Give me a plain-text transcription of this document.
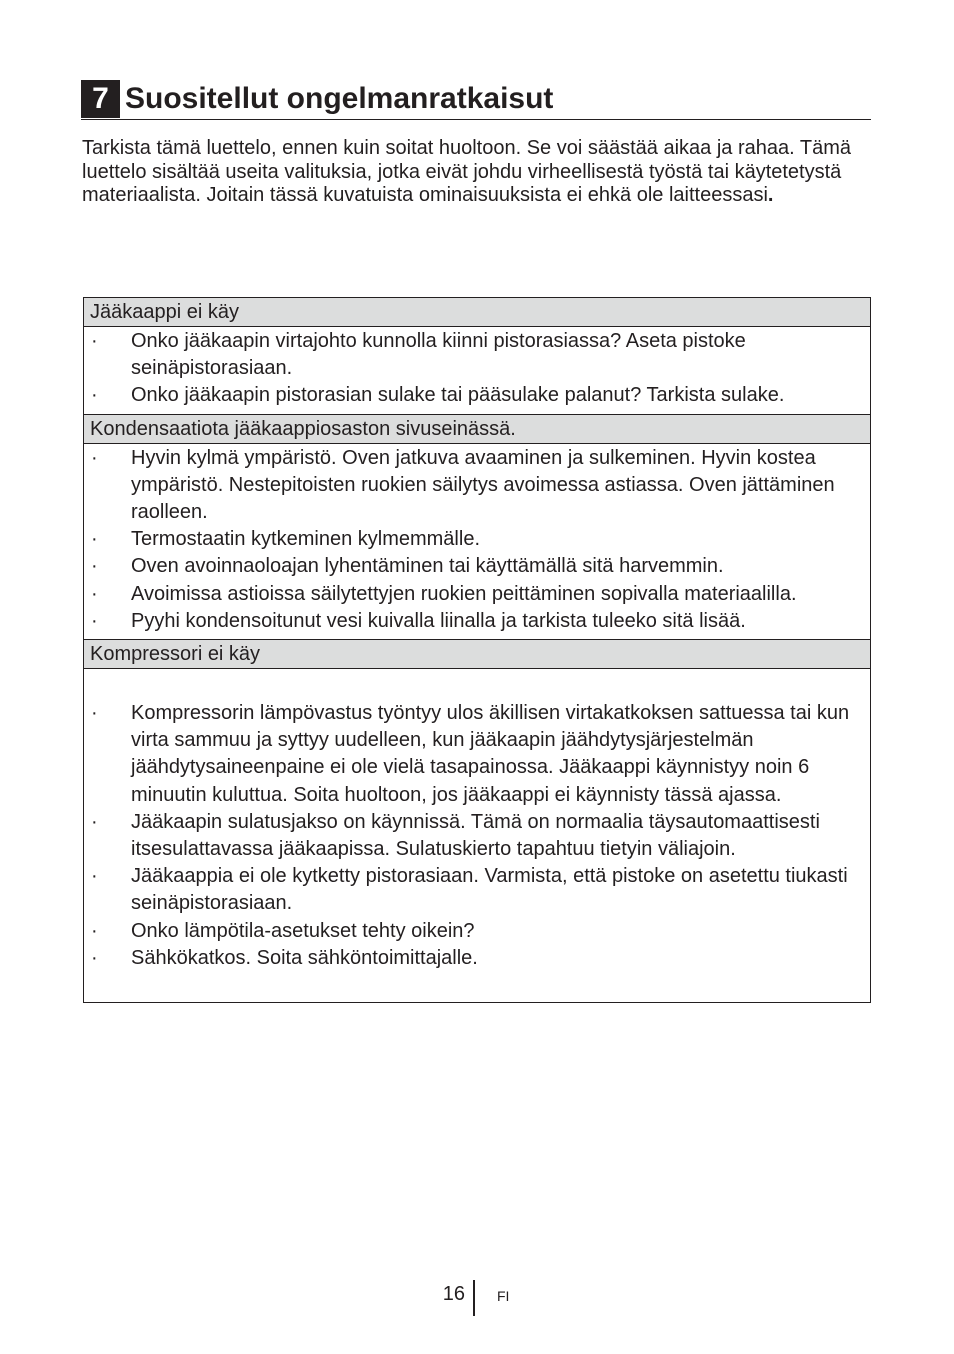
7 Suositellut ongelmanratkaisut

Tarkista tämä luettelo, ennen kuin soitat huoltoon. Se voi säästää aikaa ja rahaa. Tämä luettelo sisältää useita valituksia, jotka eivät johdu virheellisestä työstä tai käytetetystä materiaalista. Joitain tässä kuvatuista ominaisuuksista ei ehkä ole laitteessasi.

Jääkaappi ei käy
· Onko jääkaapin virtajohto kunnolla kiinni pistorasiassa? Aseta pistoke seinäpistorasiaan.
· Onko jääkaapin pistorasian sulake tai pääsulake palanut? Tarkista sulake.
Kondensaatiota jääkaappiosaston sivuseinässä.
· Hyvin kylmä ympäristö. Oven jatkuva avaaminen ja sulkeminen. Hyvin kostea ympäristö. Nestepitoisten ruokien säilytys avoimessa astiassa. Oven jättäminen raolleen.
· Termostaatin kytkeminen kylmemmälle.
· Oven avoinnaoloajan lyhentäminen tai käyttämällä sitä harvemmin.
· Avoimissa astioissa säilytettyjen ruokien peittäminen sopivalla materiaalilla.
· Pyyhi kondensoitunut vesi kuivalla liinalla ja tarkista tuleeko sitä lisää.
Kompressori ei käy
· Kompressorin lämpövastus työntyy ulos äkillisen virtakatkoksen sattuessa tai kun virta sammuu ja syttyy uudelleen, kun jääkaapin jäähdytysjärjestelmän jäähdytysaineenpaine ei ole vielä tasapainossa. Jääkaappi käynnistyy noin 6 minuutin kuluttua. Soita huoltoon, jos jääkaappi ei käynnisty tässä ajassa.
· Jääkaapin sulatusjakso on käynnissä. Tämä on normaalia täysautomaattisesti itsesulattavassa jääkaapissa. Sulatuskierto tapahtuu tietyin väliajoin.
· Jääkaappia ei ole kytketty pistorasiaan. Varmista, että pistoke on asetettu tiukasti seinäpistorasiaan.
· Onko lämpötila-asetukset tehty oikein?
· Sähkökatkos. Soita sähköntoimittajalle.
16 FI
